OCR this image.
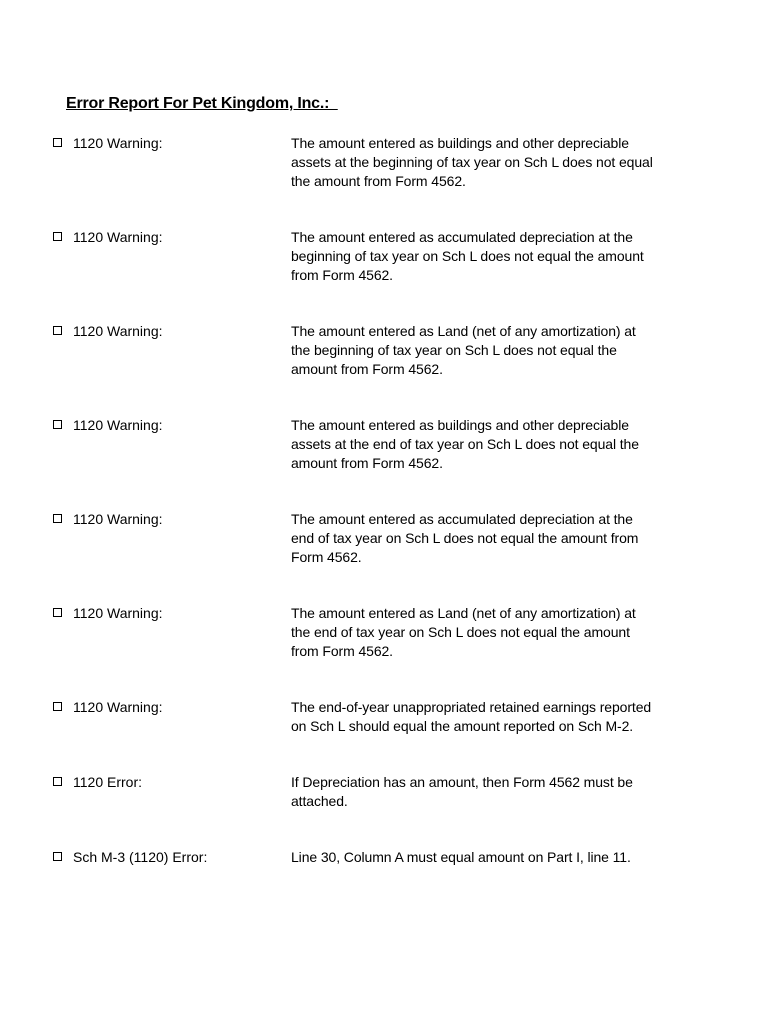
Error Report For Pet Kingdom, Inc.:
1120 Warning:	The amount entered as buildings and other depreciable
assets at the beginning of tax year on Sch L does not equal
the amount from Form 4562.
1120 Warning:	The amount entered as accumulated depreciation at the
beginning of tax year on Sch L does not equal the amount
from Form 4562.
1120 Warning:	The amount entered as Land (net of any amortization) at
the beginning of tax year on Sch L does not equal the
amount from Form 4562.
1120 Warning:	The amount entered as buildings and other depreciable
assets at the end of tax year on Sch L does not equal the
amount from Form 4562.
1120 Warning:	The amount entered as accumulated depreciation at the
end of tax year on Sch L does not equal the amount from
Form 4562.
1120 Warning:	The amount entered as Land (net of any amortization) at
the end of tax year on Sch L does not equal the amount
from Form 4562.
1120 Warning:	The end-of-year unappropriated retained earnings reported
on Sch L should equal the amount reported on Sch M-2.
1120 Error:	If Depreciation has an amount, then Form 4562 must be
attached.
Sch M-3 (1120) Error:	Line 30, Column A must equal amount on Part I, line 11.
